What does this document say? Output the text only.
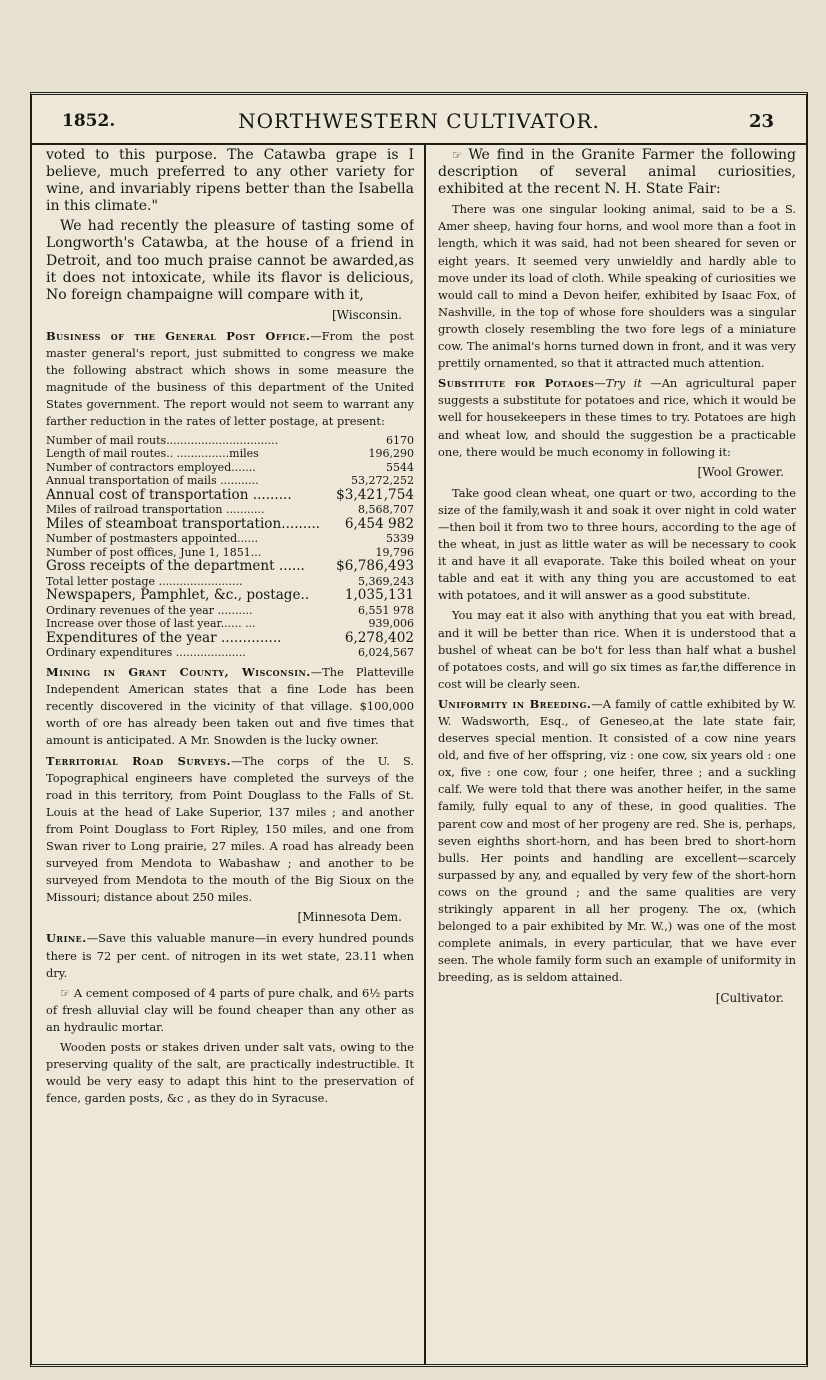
1852.	NORTHWESTERN CULTIVATOR.	23

voted to this purpose. The Catawba grape is I believe, much preferred to any other variety for wine, and invariably ripens better than the Isabella in this climate."

We had recently the pleasure of tasting some of Longworth's Catawba, at the house of a friend in Detroit, and too much praise cannot be awarded,as it does not intoxicate, while its flavor is delicious, No foreign champaigne will compare with it,

[Wisconsin.

Business of the General Post Office.—From the post master general's report, just submitted to congress we make the following abstract which shows in some measure the magnitude of the business of this department of the United States government. The report would not seem to warrant any farther reduction in the rates of letter postage, at present:

Number of mail routs................................	6170
Length of mail routes.. ...............miles	196,290
Number of contractors employed.......	5544
Annual transportation of mails ...........	53,272,252
Annual cost of transportation .........	$3,421,754
Miles of railroad transportation ...........	8,568,707
Miles of steamboat transportation.........	6,454 982
Number of postmasters appointed......	5339
Number of post offices, June 1, 1851...	19,796
Gross receipts of the department ......	$6,786,493
Total letter postage ........................	5,369,243
Newspapers, Pamphlet, &c., postage..	1,035,131
Ordinary revenues of the year ..........	6,551 978
Increase over those of last year...... ...	939,006
Expenditures of the year ..............	6,278,402
Ordinary expenditures ....................	6,024,567

Mining in Grant County, Wisconsin.—The Platteville Independent American states that a fine Lode has been recently discovered in the vicinity of that village. $100,000 worth of ore has already been taken out and five times that amount is anticipated. A Mr. Snowden is the lucky owner.

Territorial Road Surveys.—The corps of the U. S. Topographical engineers have completed the surveys of the road in this territory, from Point Douglass to the Falls of St. Louis at the head of Lake Superior, 137 miles ; and another from Point Douglass to Fort Ripley, 150 miles, and one from Swan river to Long prairie, 27 miles. A road has already been surveyed from Mendota to Wabashaw ; and another to be surveyed from Mendota to the mouth of the Big Sioux on the Missouri; distance about 250 miles.

[Minnesota Dem.

Urine.—Save this valuable manure—in every hundred pounds there is 72 per cent. of nitrogen in its wet state, 23.11 when dry.

☞ A cement composed of 4 parts of pure chalk, and 6½ parts of fresh alluvial clay will be found cheaper than any other as an hydraulic mortar.

Wooden posts or stakes driven under salt vats, owing to the preserving quality of the salt, are practically indestructible. It would be very easy to adapt this hint to the preservation of fence, garden posts, &c , as they do in Syracuse.

☞ We find in the Granite Farmer the following description of several animal curiosities, exhibited at the recent N. H. State Fair:

There was one singular looking animal, said to be a S. Amer sheep, having four horns, and wool more than a foot in length, which it was said, had not been sheared for seven or eight years. It seemed very unwieldly and hardly able to move under its load of cloth. While speaking of curiosities we would call to mind a Devon heifer, exhibited by Isaac Fox, of Nashville, in the top of whose fore shoulders was a singular growth closely resembling the two fore legs of a miniature cow. The animal's horns turned down in front, and it was very prettily ornamented, so that it attracted much attention.

Substitute for Potaoes—Try it —An agricultural paper suggests a substitute for potatoes and rice, which it would be well for housekeepers in these times to try. Potatoes are high and wheat low, and should the suggestion be a practicable one, there would be much economy in following it:

[Wool Grower.

Take good clean wheat, one quart or two, according to the size of the family,wash it and soak it over night in cold water—then boil it from two to three hours, according to the age of the wheat, in just as little water as will be necessary to cook it and have it all evaporate. Take this boiled wheat on your table and eat it with any thing you are accustomed to eat with potatoes, and it will answer as a good substitute.

You may eat it also with anything that you eat with bread, and it will be better than rice. When it is understood that a bushel of wheat can be bo't for less than half what a bushel of potatoes costs, and will go six times as far,the difference in cost will be clearly seen.

Uniformity in Breeding.—A family of cattle exhibited by W. W. Wadsworth, Esq., of Geneseo,at the late state fair, deserves special mention. It consisted of a cow nine years old, and five of her offspring, viz : one cow, six years old : one ox, five : one cow, four ; one heifer, three ; and a suckling calf. We were told that there was another heifer, in the same family, fully equal to any of these, in good qualities. The parent cow and most of her progeny are red. She is, perhaps, seven eighths short-horn, and has been bred to short-horn bulls. Her points and handling are excellent—scarcely surpassed by any, and equalled by very few of the short-horn cows on the ground ; and the same qualities are very strikingly apparent in all her progeny. The ox, (which belonged to a pair exhibited by Mr. W.,) was one of the most complete animals, in every particular, that we have ever seen. The whole family form such an example of uniformity in breeding, as is seldom attained.

[Cultivator.
